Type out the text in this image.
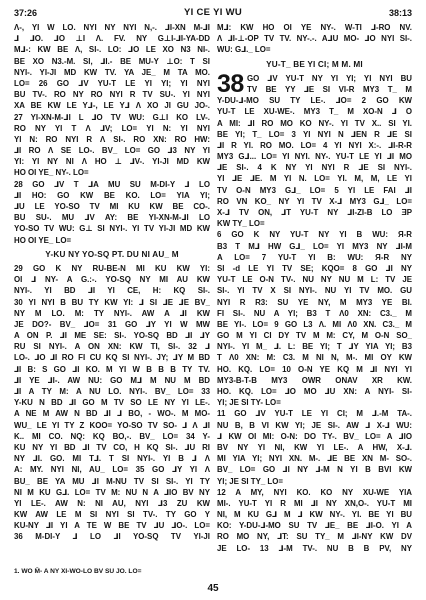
37:26	YI CE YI WU	38:13
Ʌ-, YI W LO. NYI NY NYI N,-. ⅃I-XN M-⅃I
⅃ ⅃O. ⅃O ⊥I Ʌ. FV. NY G⊥I-⅃I-YA-DD
M⅃-: KW BE Ʌ, SI-. LO: ⅃O LE XO N3 NI-.
BE XO N3.-M. SI, ⅃I.- BE MU-Y ⊥O: T SI
NYI-. YI-JI MD KW TV. YA JE_ M TA MO.
LO= 26 GO ⅃V YU-T LE YI YI; YI NYI
BU TV-. RO NY RO NYI R TV SU-. YI NYI
XA BE KW LE Y⅃-, LE Y⅃ Ʌ XO JI GU JO-.
27 YI-XN-M-⅃I L ⅃O TV WU: G⊥I KO LV-.
RO NY YI T Ʌ ⅃V; LO= YI N: YI NYI
YI N: RO NYI R Ʌ SI-. RO XN: RO HW:
⅃I RO Ʌ SE LO-. BV_ LO= GO ⅃3 NY YI
YI: YI NY NI Ʌ HO ⊥ ⅃V-. YI-JI MD KW
HO OI YE_ NY-. LO=
28 GO ⅃V T ⅃A MU SU M-DI-Y ⅃ LO
⅃I HO: GO KW BE KO. LO= YIA YI;
⅃U LE YO-SO TV MI KU KW BE CO-.
BU SU-. MU ⅃V AY: BE YI-XN-M-⅃I LO
YO-SO TV WU: G⊥ SI NYI-. YI TV YI-JI MD KW
HO OI YE_ LO=
Y-KU NY YO-SQ PT. DU NI AU_ M
29 GO K NY RU-BE-N MI KU KW YI:
OI ⅃ NY- A G.:-. YO-SQ NY MI AU KW
NYI-. YI BD ⅃I YI CE, H: KQ SI-.
30 YI NYI B BU TY KW YI: ⅃ SI ⅃E ⅃E BV_
NY M LO. M: TY NYI-. AW A ⅃I KW
JE DO?- BV_ ⅃O= 31 GO ⅃Y YI W MW
A ON P. ⅃I ME SE: SI-. YO-SQ BD ⅃I ⅃Y
RU SI NYI-. A ON XN: KW TI, SI-. 32 ⅃
LO-. ⅃O ⅃I RO FI CU KQ SI NYI-. JY; ⅃Y M BD
⅃I B: S GO ⅃I KO. M YI W B B B TY TV.
⅃I YE ⅃I-. AW NU: GO M⅃ M NU M BD
⅃I A TY M: A NU LO. NYI-. BV_ LO= 33
Y-KU N BD ⅃I GO M TV SO LE NY YI LE-.
A NE M AW N BD ⅃I ⅃ BO, - WO-. M MO-
WU_ LE YI TY Z KOO= YO-SO TV SO- ⅃ Ʌ ⅃I
K.. MI CO. NQ: KQ BO,-. BV_ LO= 34 Y-
KU NY YI BD ⅃I TV CO, H KQ SI-. ⅃U RI
NY ⅃I. GO. MI T⅃. T SI NYI-. YI B ⅃ Ʌ
A: MY. NYI NI, AU_ LO= 35 GO ⅃Y YI Ʌ
BU_ BE YA MU ⅃I M-NU TV SI SI-. YI TY
NI M KU G⅃. LO= TV M: NU N A ⅃IO BV NY
YI LE-. AW N: NI AU, NYI ⅃3 ZU KW
KW AW LE M SI NYI SI TV-. TY GO Y
KU-NY ⅃I YI A TE W BE TV ⅃U ⅃O-. LO=
36 M-DI-Y ⅃ LO ⅃I YO-SQ TV YI-JI
M⅃: KW HO OI YE NY-. W-TI ⅃-RO NV.
Ʌ ⅃I-⊥-OP TV TV. NY-.-. A⅃U MO- ⅃O NYI SI-.
WU: G⅃._ LO=
YU-T_ BE YI CI; M M. MI
38 GO ⅃V YU-T NY YI YI; YI NYI BU
TV BE YY ⅃E SI VI-R MY3 T_ M
Y-DU-⅃-MO SU TY LE-. ⅃O= 2 GO KW
YU-T LE XU-WE-. MY3 T_ M XO-N ⅃ O
A MI: ⅃I RO MO KO NY-. YI TV X.. SI YI.
BE YI; T_ LO= 3 YI NYI N ⅃EN R ⅃E SI
⅃I R YI. RO MO. LO= 4 YI NYI X:-. ⅃I-R-R
MY3 G⅃... LO= YI NYI. NY-. YU-T LE YI ⅃I MO
⅃E SI-. 4 K NY YI NYI R ⅃E SI NYI-.
YI ⅃E ⅃E. M YI N. LO= YI. M, M, LE YI
TV O-N MY3 G⅃_ LO= 5 YI LE FAI ⅃I
RO VN KO_ NY YI TV X-⅃ MY3 G⅃_ LO=
X-⅃ TV ON, ⅃T YU-T NY ⅃I-ZI-B LO ƎP
KW TY_ LO=
6 GO K NY YU-T NY YI B WU: Я-R
B3 T M⅃ HW G⅃_ LO= YI MY3 NY ⅃I-M
A LO= 7 YU-T YI B: WU: Я-R NY
SI -d LE YI TV SE; KQO= 8 GO ⅃I NY
YU-T LE O-N TV-. NU NY NU M L: TV JE
SI-. YI TV X SI NYI-. NU YI TV MO. GU
NYI R R3: SU YE NY, M MY3 YE BI.
FI SI-. NU A YI; B3 T Ʌ0 XN: C3._ M
BE YI-. LO= 9 GO L3 Ʌ. MI Ʌ0 XN. C3._ M
GO M YI CI DY TV M M: CY, M O-N SO_
NYI-. YI M_ ⅃. L: BE YI; T ⅃Y YIA YI; B3
T Ʌ0 XN: M: C3. M NI N, M-. MI OY KW
HO. KQ. LO= 10 O-N YE KQ M ⅃I NYI YI
MY3-B-T-B MY3 OWR ONAV XR KW.
HO. KQ. LO= ⅃O MO ⅃U XN: A NYI- SI-
YI; JE SI TY- LO=
11 GO ⅃V YU-T LE YI CI; M ⅃.-M TA-.
NU B, B VI KW YI; JE SI-. AW ⅃ X-⅃ WU:
⅃ KW OI MI: O-N: DO TY-. BV_ LO= A ⅃IO
BV NY YI NI, KW YI LE-. A HW, X-⅃.
MI YIA YI; NYI XN. M-. ⅃E BE XN M- SO-.
BV_ LO= GO ⅃I NY ⅃-M N YI B BVI KW
YI; JE SI TY_ LO=
12 A MY, NYI KO. KO NY XU-WE YIA
MI-. YU-T YI R MI ⅃I NY XN,O-. YU-T MI
NI, M KU G⅃ M ⅃ KW NY-. YI. BE YI BU
KO: Y-DU-⅃-MO SU TV ⅃E_ BE ⅃I-O. YI A
RO MO NY, ⅃T: SU TY_ M ⅃I-NY KW DV
JE LO- 13 ⅃-M TV-. NU B B PV, NY
1. WO M̄- A NY XI-WO-LO BV SU JO. LO=
45
